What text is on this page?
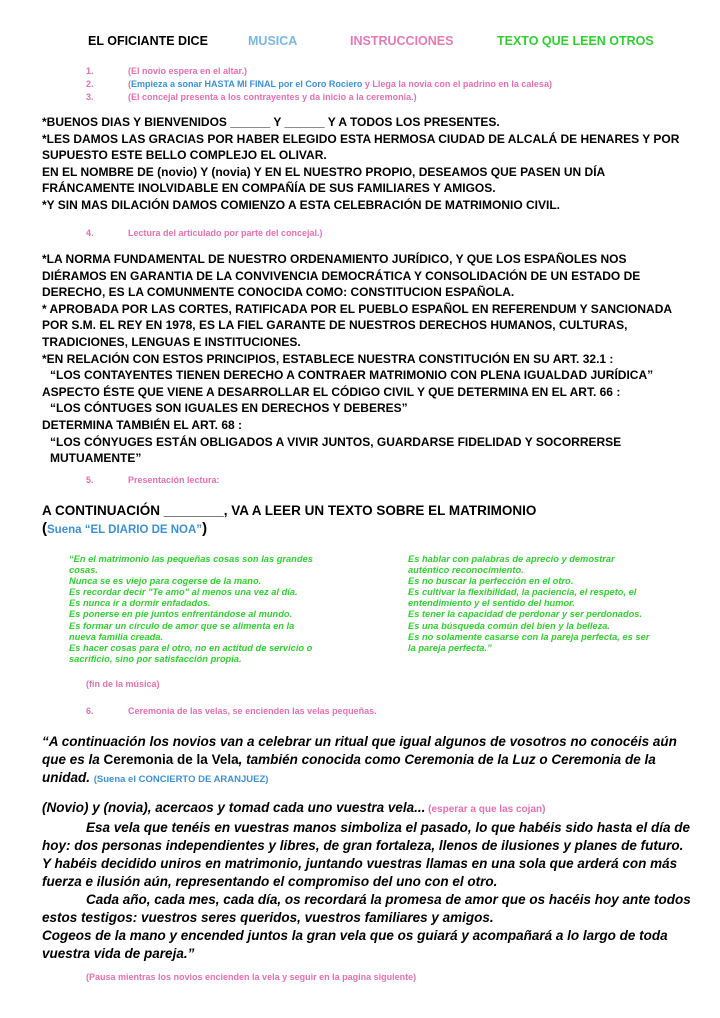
EL OFICIANTE DICE	MUSICA	INSTRUCCIONES	TEXTO QUE LEEN OTROS
1.	(El novio espera en el altar.)
2.	(Empieza a sonar HASTA MI FINAL por el Coro Rociero y Llega la novia con el padrino en la calesa)
3.	(El concejal presenta a los contrayentes y da inicio a la ceremonia.)

*BUENOS DIAS Y BIENVENIDOS ______ Y ______ Y A TODOS LOS PRESENTES.

*LES DAMOS LAS GRACIAS POR HABER ELEGIDO ESTA HERMOSA CIUDAD DE ALCALÁ DE HENARES Y POR SUPUESTO ESTE BELLO COMPLEJO EL OLIVAR.

EN EL NOMBRE DE (novio) Y (novia) Y EN EL NUESTRO PROPIO, DESEAMOS QUE PASEN UN DÍA FRÁNCAMENTE INOLVIDABLE EN COMPAÑÍA DE SUS FAMILIARES Y AMIGOS.

*Y SIN MAS DILACIÓN DAMOS COMIENZO A ESTA CELEBRACIÓN DE MATRIMONIO CIVIL.

4.	Lectura del articulado por parte del concejal.)

*LA NORMA FUNDAMENTAL DE NUESTRO ORDENAMIENTO JURÍDICO, Y QUE LOS ESPAÑOLES NOS DIÉRAMOS EN GARANTIA DE LA CONVIVENCIA DEMOCRÁTICA Y CONSOLIDACIÓN DE UN ESTADO DE DERECHO, ES LA COMUNMENTE CONOCIDA COMO: CONSTITUCION ESPAÑOLA.

* APROBADA POR LAS CORTES, RATIFICADA POR EL PUEBLO ESPAÑOL EN REFERENDUM Y SANCIONADA POR S.M. EL REY EN 1978, ES LA FIEL GARANTE DE NUESTROS DERECHOS HUMANOS, CULTURAS, TRADICIONES, LENGUAS E INSTITUCIONES.

*EN RELACIÓN CON ESTOS PRINCIPIOS, ESTABLECE NUESTRA CONSTITUCIÓN EN SU ART. 32.1 :

“LOS CONTAYENTES TIENEN DERECHO A CONTRAER MATRIMONIO CON PLENA IGUALDAD JURÍDICA”

ASPECTO ÉSTE QUE VIENE A DESARROLLAR EL CÓDIGO CIVIL Y QUE DETERMINA EN EL ART. 66 :

“LOS CÓNTUGES SON IGUALES EN DERECHOS Y DEBERES”

DETERMINA TAMBIÉN EL ART. 68 :

“LOS CÓNYUGES ESTÁN OBLIGADOS A VIVIR JUNTOS, GUARDARSE FIDELIDAD Y SOCORRERSE MUTUAMENTE”

5.	Presentación lectura:
A CONTINUACIÓN ________, VA A LEER UN TEXTO SOBRE EL MATRIMONIO
(Suena “EL DIARIO DE NOA”)

“En el matrimonio las pequeñas cosas son las grandes cosas.

Nunca se es viejo para cogerse de la mano.

Es recordar decir "Te amo" al menos una vez al día.

Es nunca ir a dormir enfadados.

Es ponerse en pie juntos enfrentándose al mundo.

Es formar un círculo de amor que se alimenta en la nueva familia creada.

Es hacer cosas para el otro, no en actitud de servicio o sacrificio, sino por satisfacción propia.

Es hablar con palabras de aprecio y demostrar auténtico reconocimiento.

Es no buscar la perfección en el otro.

Es cultivar la flexibilidad, la paciencia, el respeto, el entendimiento y el sentido del humor.

Es tener la capacidad de perdonar y ser perdonados.

Es una búsqueda común del bien y la belleza.

Es no solamente casarse con la pareja perfecta, es ser la pareja perfecta.”

(fin de la música)
6.	Ceremonia de las velas, se encienden las velas pequeñas.

“A continuación los novios van a celebrar un ritual que igual algunos de vosotros no conocéis aún que es la Ceremonia de la Vela, también conocida como Ceremonia de la Luz o Ceremonia de la unidad. (Suena el CONCIERTO DE ARANJUEZ)

(Novio) y (novia), acercaos y tomad cada uno vuestra vela... (esperar a que las cojan)

Esa vela que tenéis en vuestras manos simboliza el pasado, lo que habéis sido hasta el día de hoy: dos personas independientes y libres, de gran fortaleza, llenos de ilusiones y planes de futuro. Y habéis decidido uniros en matrimonio, juntando vuestras llamas en una sola que arderá con más fuerza e ilusión aún, representando el compromiso del uno con el otro.

Cada año, cada mes, cada día, os recordará la promesa de amor que os hacéis hoy ante todos estos testigos: vuestros seres queridos, vuestros familiares y amigos.

Cogeos de la mano y encended juntos la gran vela que os guiará y acompañará a lo largo de toda vuestra vida de pareja.”

(Pausa mientras los novios encienden la vela y seguir en la pagina siguiente)
